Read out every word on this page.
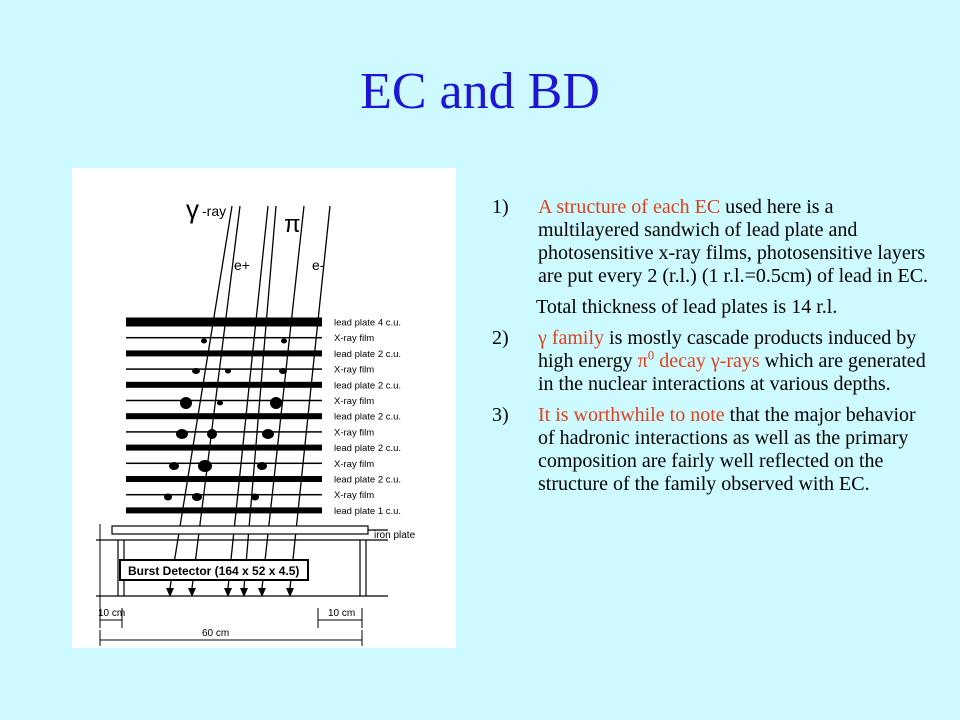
EC and BD
lead plate 4 c.u.
X-ray film
lead plate 2 c.u.
X-ray film
lead plate 2 c.u.
X-ray film
lead plate 2 c.u.
X-ray film
lead plate 2 c.u.
X-ray film
lead plate 2 c.u.
X-ray film
lead plate 1 c.u.
γ -ray π
e+	e-
Burst Detector (164 x 52 x 4.5)
iron plate
10 cm	10 cm
60 cm
1) A structure of each EC used here is a multilayered sandwich of lead plate and photosensitive x-ray films, photosensitive layers are put every 2 (r.l.) (1 r.l.=0.5cm) of lead in EC.
Total thickness of lead plates is 14 r.l.
2) γ family is mostly cascade products induced by high energy $\pi^0$ decay γ-rays which are generated in the nuclear interactions at various depths.
3) It is worthwhile to note that the major behavior of hadronic interactions as well as the primary composition are fairly well reflected on the structure of the family observed with EC.
